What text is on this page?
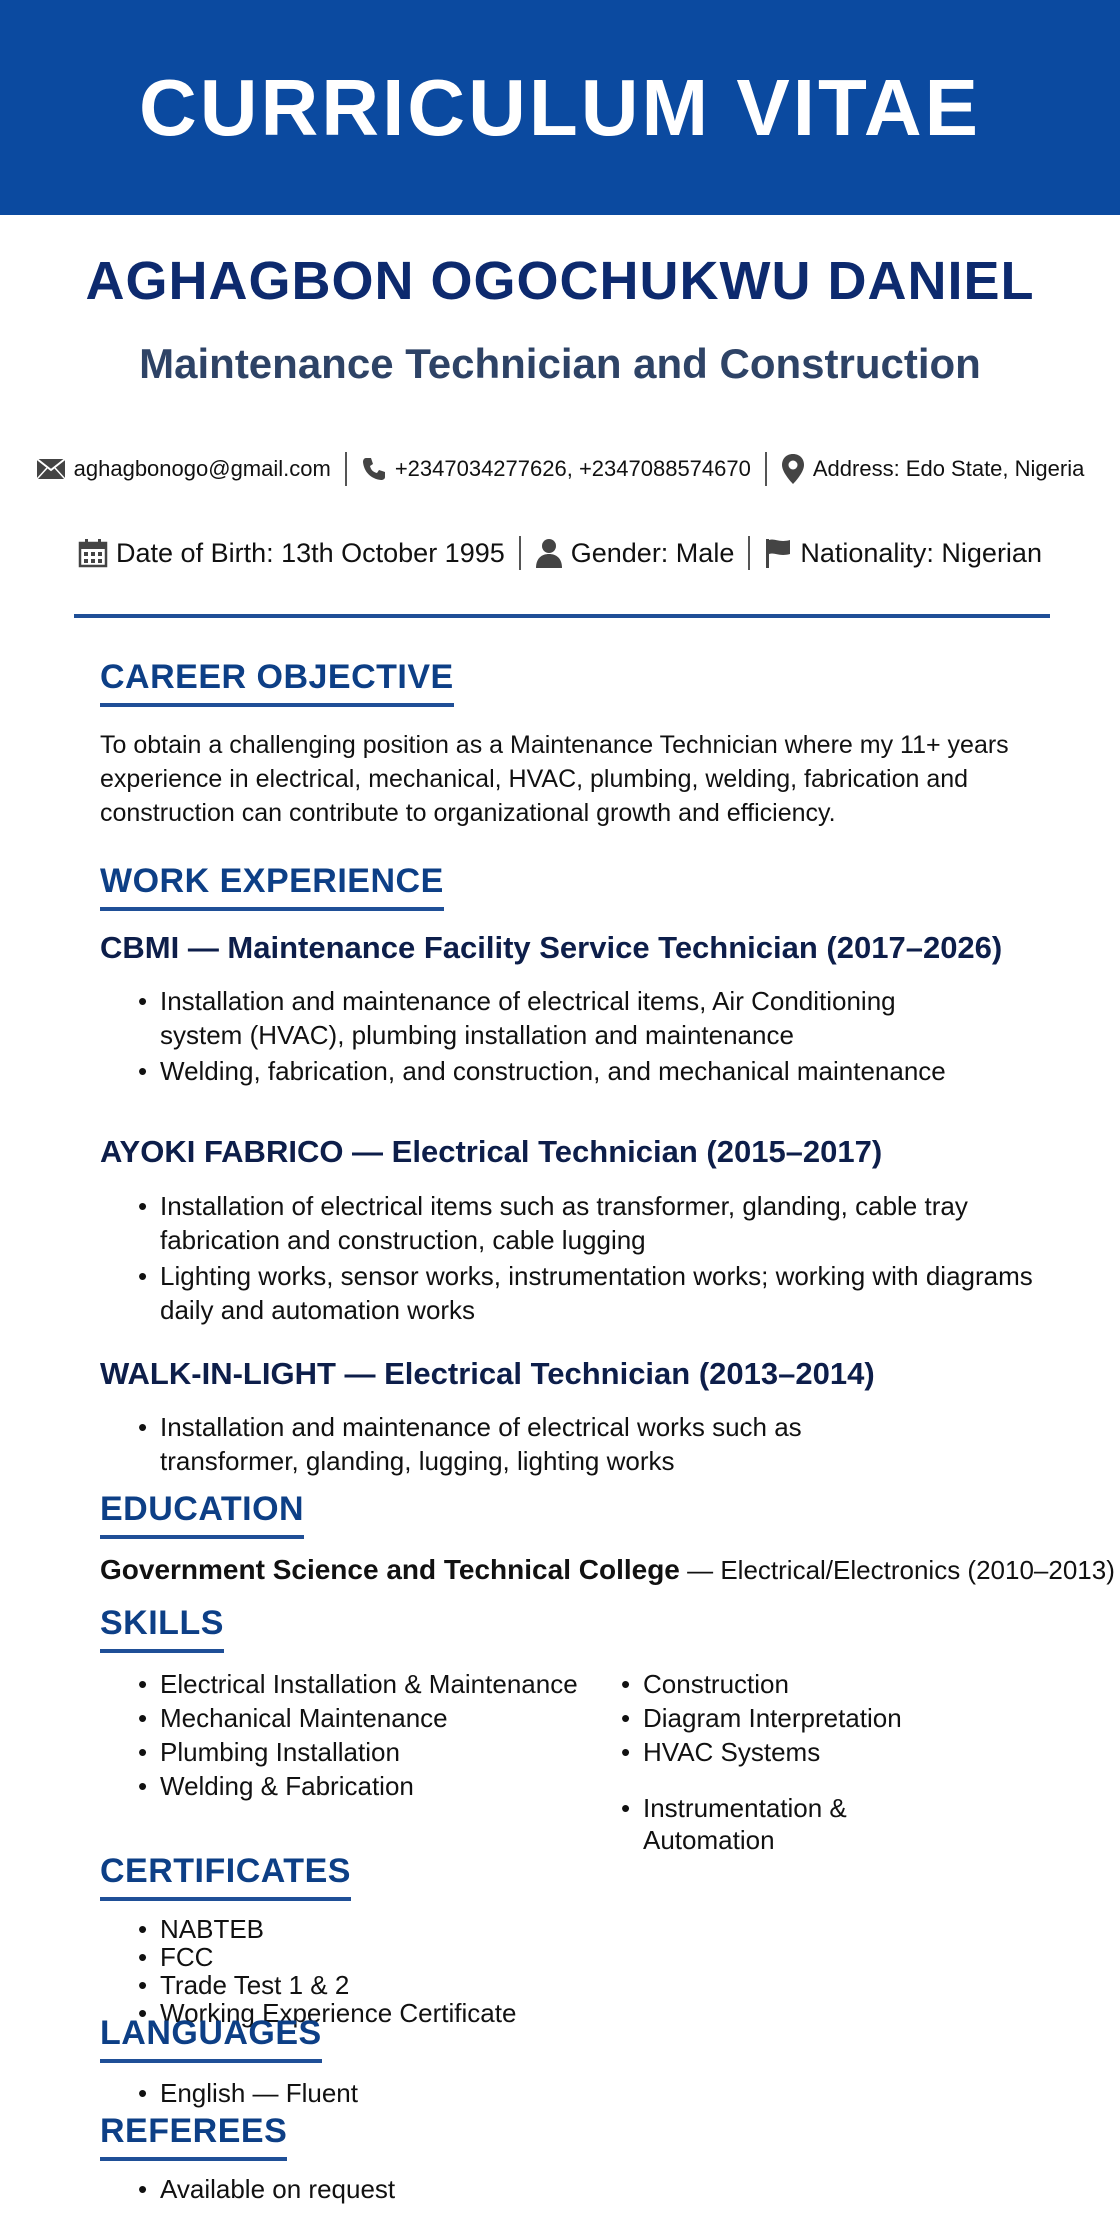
CURRICULUM VITAE
AGHAGBON OGOCHUKWU DANIEL
Maintenance Technician and Construction
aghagbonogo@gmail.com	+2347034277626, +2347088574670	Address: Edo State, Nigeria
Date of Birth: 13th October 1995 Gender: Male Nationality: Nigerian
CAREER OBJECTIVE
To obtain a challenging position as a Maintenance Technician where my 11+ years experience in electrical, mechanical, HVAC, plumbing, welding, fabrication and construction can contribute to organizational growth and efficiency.
WORK EXPERIENCE
CBMI — Maintenance Facility Service Technician (2017–2026)
• Installation and maintenance of electrical items, Air Conditioning system (HVAC), plumbing installation and maintenance
• Welding, fabrication, and construction, and mechanical maintenance
AYOKI FABRICO — Electrical Technician (2015–2017)
• Installation of electrical items such as transformer, glanding, cable tray fabrication and construction, cable lugging
• Lighting works, sensor works, instrumentation works; working with diagrams daily and automation works
WALK-IN-LIGHT — Electrical Technician (2013–2014)
• Installation and maintenance of electrical works such as transformer, glanding, lugging, lighting works
EDUCATION
Government Science and Technical College — Electrical/Electronics (2010–2013)
SKILLS
• Electrical Installation & Maintenance
• Mechanical Maintenance
• Plumbing Installation
• Welding & Fabrication
• Construction
• Diagram Interpretation
• HVAC Systems
• Instrumentation & Automation
CERTIFICATES
• NABTEB
• FCC
• Trade Test 1 & 2
• Working Experience Certificate
LANGUAGES
• English — Fluent
REFEREES
• Available on request
